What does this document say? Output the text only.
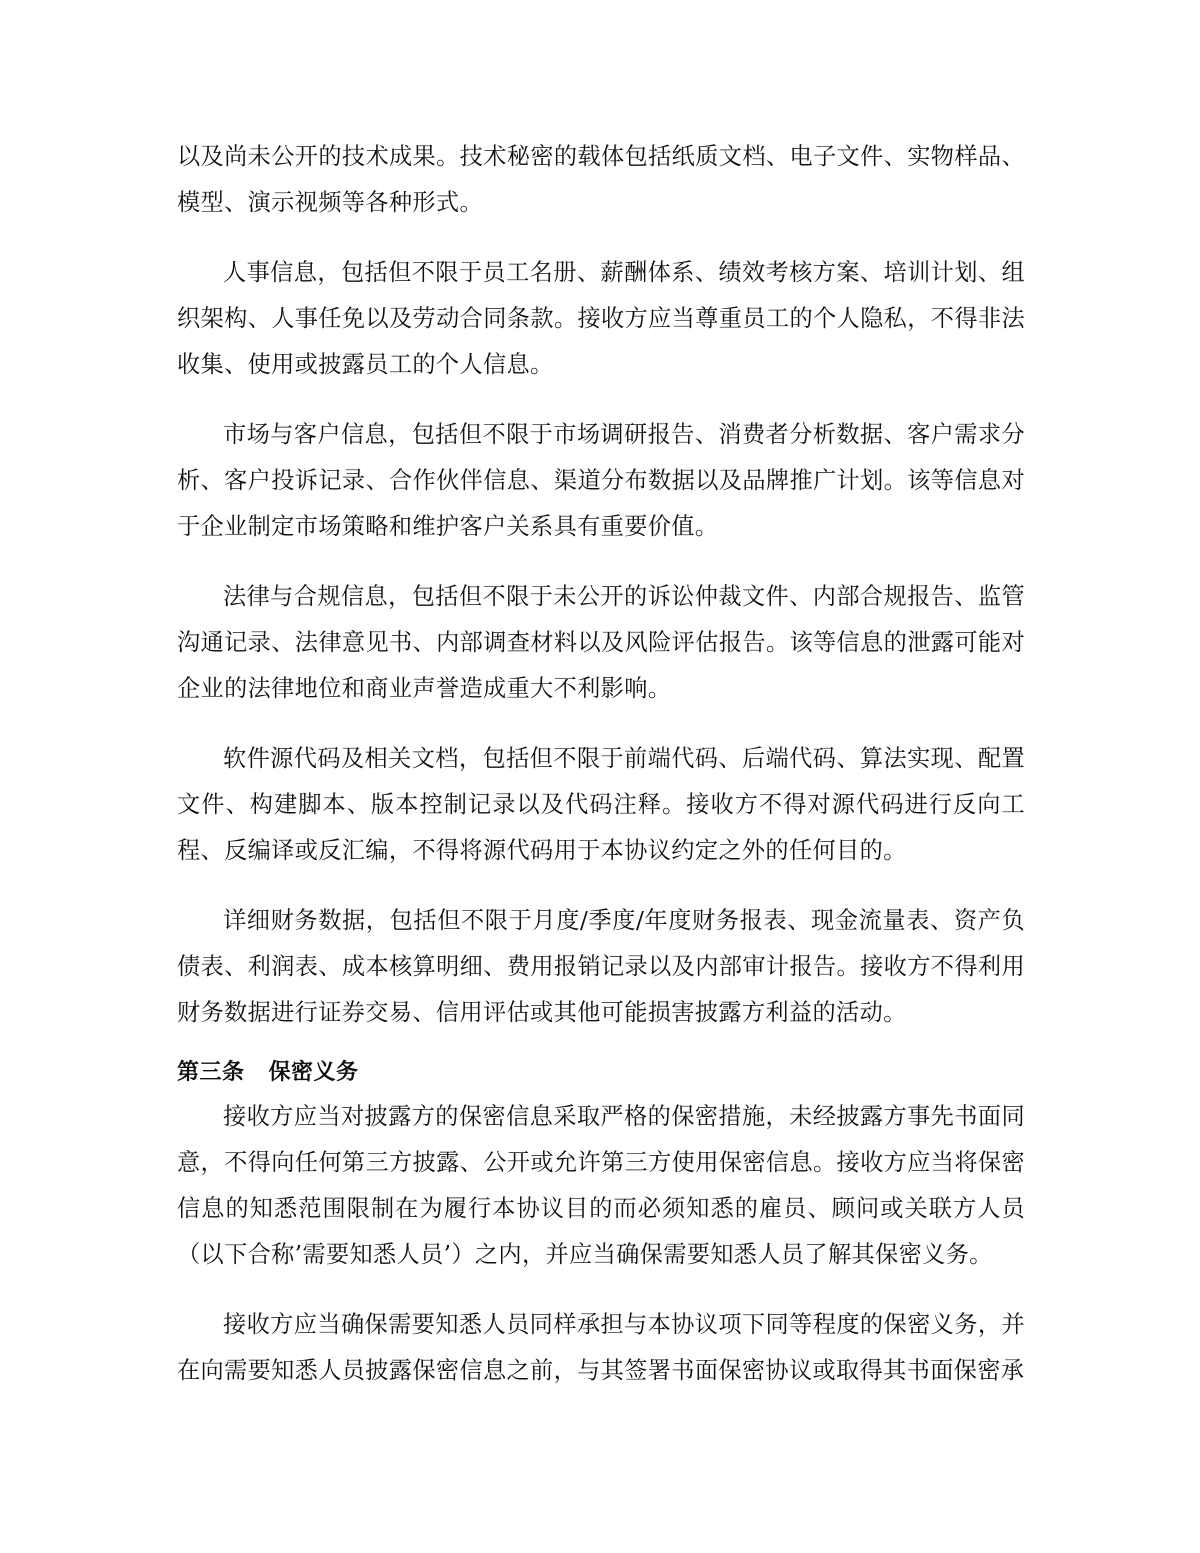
以及尚未公开的技术成果。技术秘密的载体包括纸质文档、电子文件、实物样品、模型、演示视频等各种形式。

人事信息，包括但不限于员工名册、薪酬体系、绩效考核方案、培训计划、组织架构、人事任免以及劳动合同条款。接收方应当尊重员工的个人隐私，不得非法收集、使用或披露员工的个人信息。

市场与客户信息，包括但不限于市场调研报告、消费者分析数据、客户需求分析、客户投诉记录、合作伙伴信息、渠道分布数据以及品牌推广计划。该等信息对于企业制定市场策略和维护客户关系具有重要价值。

法律与合规信息，包括但不限于未公开的诉讼仲裁文件、内部合规报告、监管沟通记录、法律意见书、内部调查材料以及风险评估报告。该等信息的泄露可能对企业的法律地位和商业声誉造成重大不利影响。

软件源代码及相关文档，包括但不限于前端代码、后端代码、算法实现、配置文件、构建脚本、版本控制记录以及代码注释。接收方不得对源代码进行反向工程、反编译或反汇编，不得将源代码用于本协议约定之外的任何目的。

详细财务数据，包括但不限于月度/季度/年度财务报表、现金流量表、资产负债表、利润表、成本核算明细、费用报销记录以及内部审计报告。接收方不得利用财务数据进行证券交易、信用评估或其他可能损害披露方利益的活动。

第三条 保密义务

接收方应当对披露方的保密信息采取严格的保密措施，未经披露方事先书面同意，不得向任何第三方披露、公开或允许第三方使用保密信息。接收方应当将保密信息的知悉范围限制在为履行本协议目的而必须知悉的雇员、顾问或关联方人员（以下合称’需要知悉人员’）之内，并应当确保需要知悉人员了解其保密义务。

接收方应当确保需要知悉人员同样承担与本协议项下同等程度的保密义务，并在向需要知悉人员披露保密信息之前，与其签署书面保密协议或取得其书面保密承
